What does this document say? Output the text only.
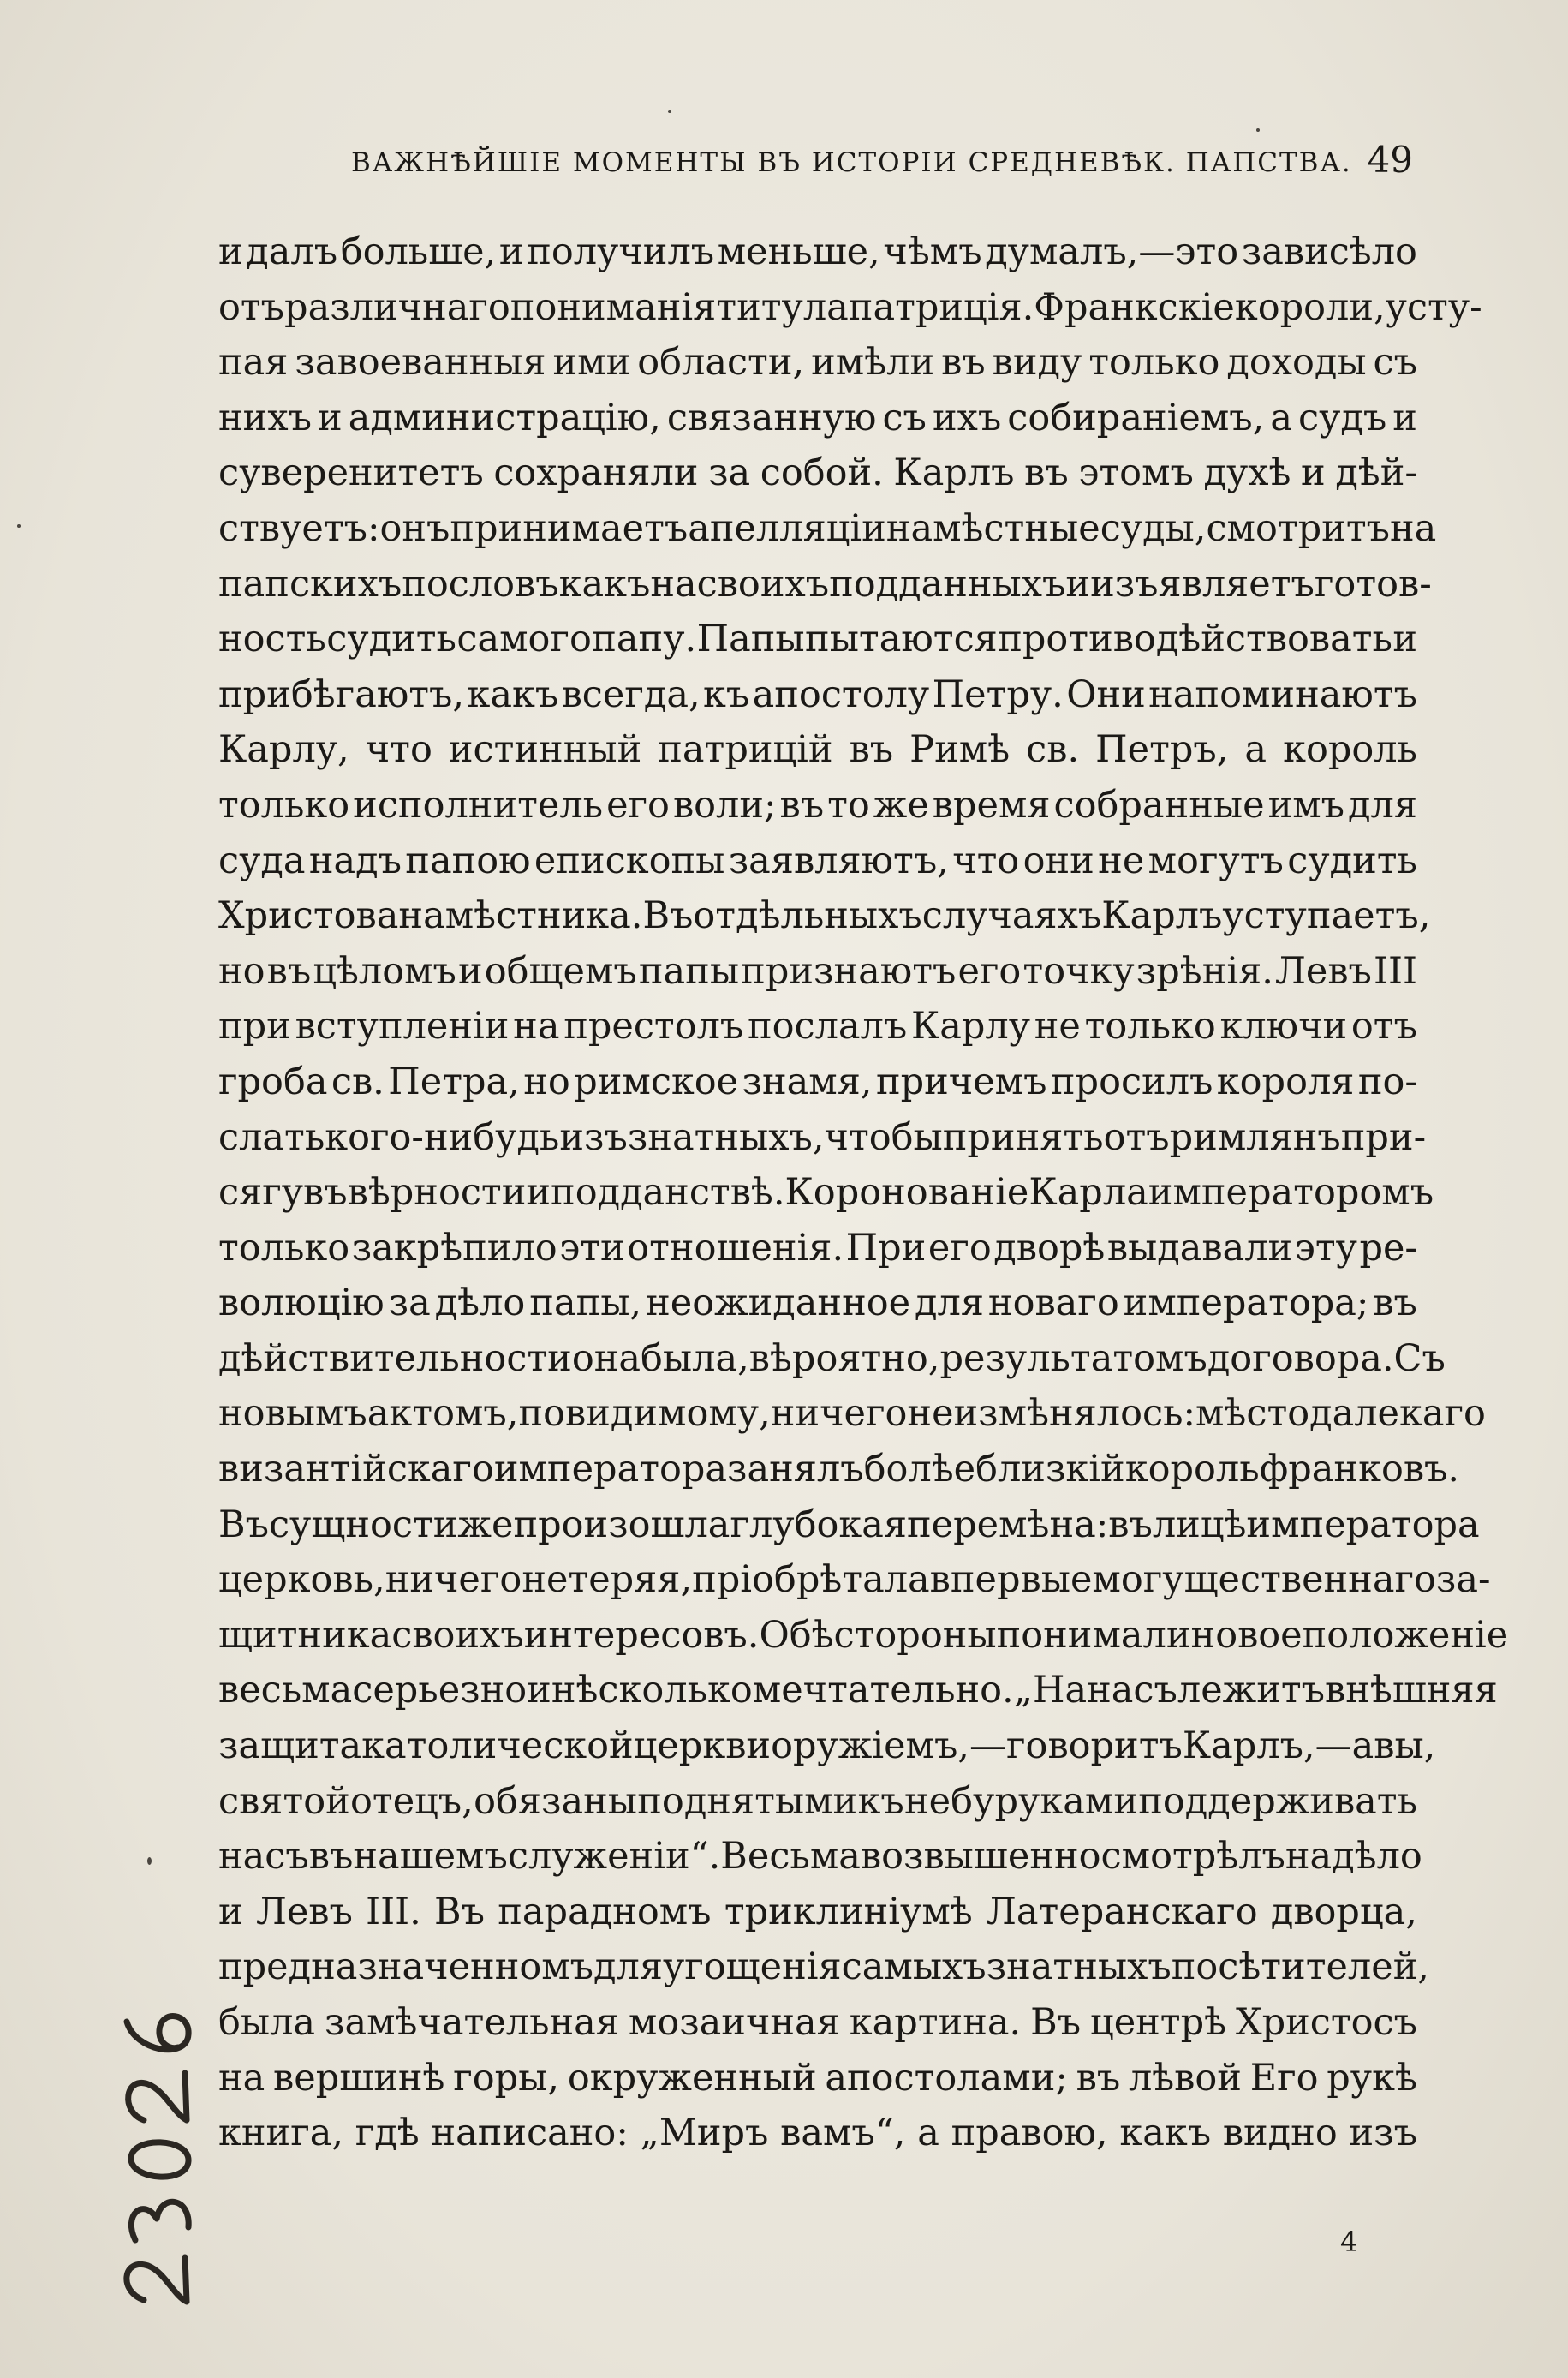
ВАЖНѢЙШІЕ МОМЕНТЫ ВЪ ИСТОРІИ СРЕДНЕВѢК. ПАПСТВА. 49
и далъ больше, и получилъ меньше, чѣмъ думалъ,—это зависѣло
отъ различнаго пониманія титула патриція. Франкскіе короли, усту-
пая завоеванныя ими области, имѣли въ виду только доходы съ
нихъ и администрацію, связанную съ ихъ собираніемъ, а судъ и
суверенитетъ сохраняли за собой. Карлъ въ этомъ духѣ и дѣй-
ствуетъ: онъ принимаетъ апелляціи на мѣстные суды, смотритъ на
папскихъ пословъ какъ на своихъ подданныхъ и изъявляетъ готов-
ность судить самого папу. Папы пытаются противодѣйствовать и
прибѣгаютъ, какъ всегда, къ апостолу Петру. Они напоминаютъ
Карлу, что истинный патрицій въ Римѣ св. Петръ, а король
только исполнитель его воли; въ то же время собранные имъ для
суда надъ папою епископы заявляютъ, что они не могутъ судить
Христова намѣстника. Въ отдѣльныхъ случаяхъ Карлъ уступаетъ,
но въ цѣломъ и общемъ папы признаютъ его точку зрѣнія. Левъ III
при вступленіи на престолъ послалъ Карлу не только ключи отъ
гроба св. Петра, но римское знамя, причемъ просилъ короля по-
слать кого-нибудь изъ знатныхъ, чтобы принять отъ римлянъ при-
сягу въ вѣрности и подданствѣ. Коронованіе Карла императоромъ
только закрѣпило эти отношенія. При его дворѣ выдавали эту ре-
волюцію за дѣло папы, неожиданное для новаго императора; въ
дѣйствительности она была, вѣроятно, результатомъ договора. Съ
новымъ актомъ, повидимому, ничего не измѣнялось: мѣсто далекаго
византійскаго императора занялъ болѣе близкій король франковъ.
Въ сущности же произошла глубокая перемѣна: въ лицѣ императора
церковь, ничего не теряя, пріобрѣтала впервые могущественнаго за-
щитника своихъ интересовъ. Обѣ стороны понимали новое положеніе
весьма серьезно и нѣсколько мечтательно. „На насъ лежитъ внѣшняя
защита католической церкви оружіемъ,—говоритъ Карлъ,—а вы,
святой отецъ, обязаны поднятыми къ небу руками поддерживать
насъ въ нашемъ служеніи“. Весьма возвышенно смотрѣлъ на дѣло
и Левъ III. Въ парадномъ триклиніумѣ Латеранскаго дворца,
предназначенномъ для угощенія самыхъ знатныхъ посѣтителей,
была замѣчательная мозаичная картина. Въ центрѣ Христосъ
на вершинѣ горы, окруженный апостолами; въ лѣвой Его рукѣ
книга, гдѣ написано: „Миръ вамъ“, а правою, какъ видно изъ
4
